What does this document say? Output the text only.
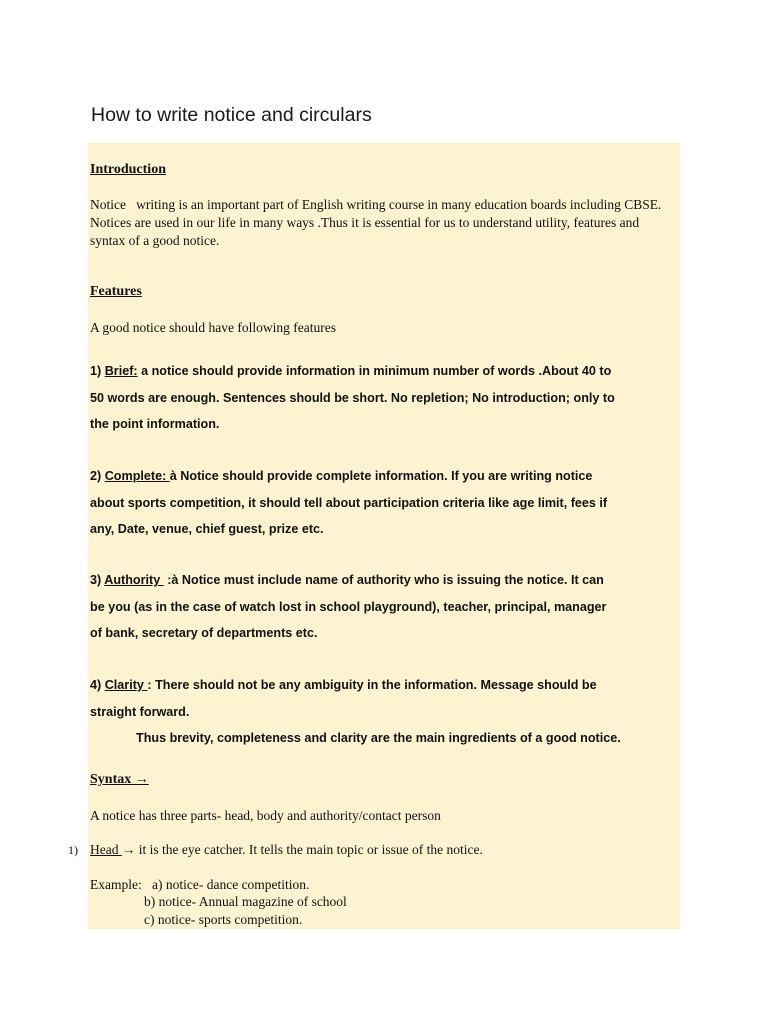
How to write notice and circulars
Introduction
Notice   writing is an important part of English writing course in many education boards including CBSE.
Notices are used in our life in many ways .Thus it is essential for us to understand utility, features and
syntax of a good notice.
Features
A good notice should have following features
1) Brief: a notice should provide information in minimum number of words .About 40 to
50 words are enough. Sentences should be short. No repletion; No introduction; only to
the point information.
2) Complete: à Notice should provide complete information. If you are writing notice
about sports competition, it should tell about participation criteria like age limit, fees if
any, Date, venue, chief guest, prize etc.
3) Authority  :à Notice must include name of authority who is issuing the notice. It can
be you (as in the case of watch lost in school playground), teacher, principal, manager
of bank, secretary of departments etc.
4) Clarity : There should not be any ambiguity in the information. Message should be
straight forward.
Thus brevity, completeness and clarity are the main ingredients of a good notice.
Syntax →
A notice has three parts- head, body and authority/contact person
1) Head → it is the eye catcher. It tells the main topic or issue of the notice.
Example: a) notice- dance competition.
b) notice- Annual magazine of school
c) notice- sports competition.
